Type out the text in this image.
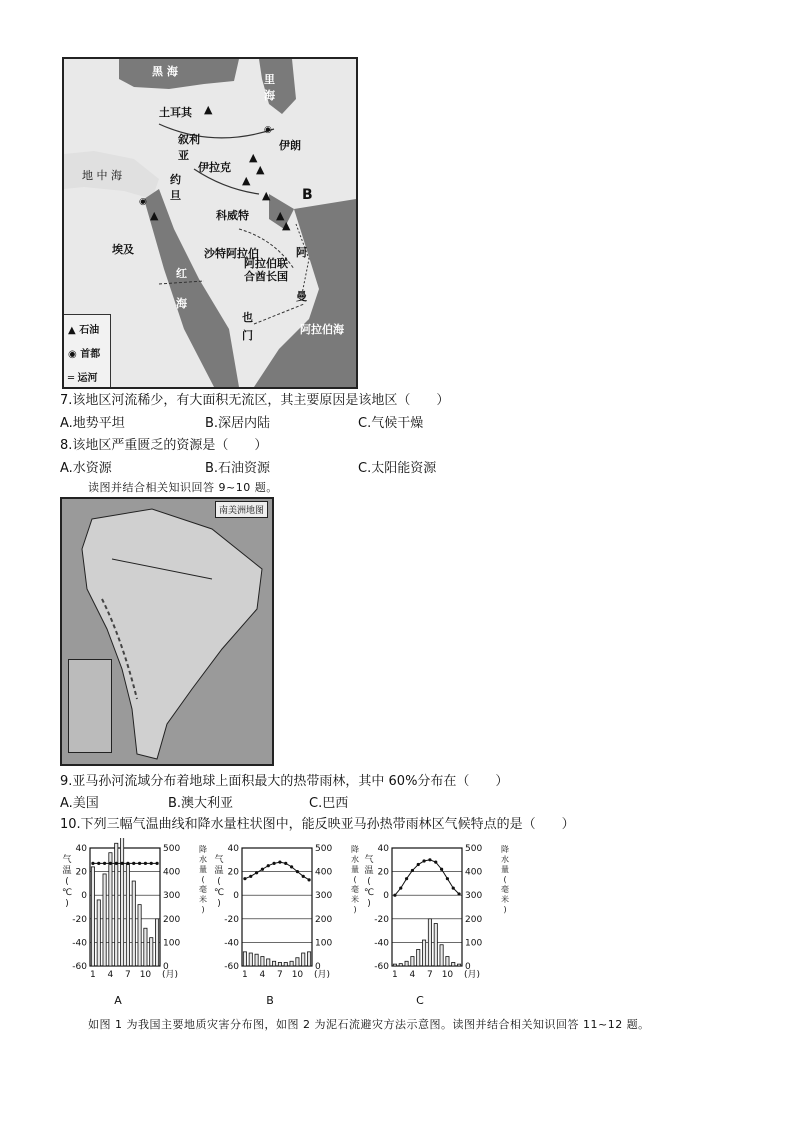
黑 海
里海
土耳其
伊朗
叙利亚
伊拉克
地 中 海	约旦
科威特
埃及	沙特阿拉伯
阿拉伯联合酋长国
红 海
阿曼
也 门	阿拉伯海
B
▲
▲
▲
▲
▲
▲
▲
▲
◉
◉
▲ 石油
◉ 首都
═ 运河
7.该地区河流稀少，有大面积无流区，其主要原因是该地区（　　）
A.地势平坦	B.深居内陆	C.气候干燥
8.该地区严重匮乏的资源是（　　）
A.水资源	B.石油资源	C.太阳能资源
读图并结合相关知识回答 9~10 题。
南美洲地图
9.亚马孙河流域分布着地球上面积最大的热带雨林，其中 60%分布在（　　）
A.美国	B.澳大利亚	C.巴西
10.下列三幅气温曲线和降水量柱状图中，能反映亚马孙热带雨林区气候特点的是（　　）
40
20
0
-20
-40
-60
500
400
300
200
100
0
气
温
(
℃
)
降
水
量
(
毫
米
)
1 4 7 10 (月)
A
40
20
0
-20
-40
-60
500
400
300
200
100
0
气
温
(
℃
)
降
水
量
(
毫
米
)
1 4 7 10 (月)
B
40
20
0
-20
-40
-60
500
400
300
200
100
0
气
温
(
℃
)
降
水
量
(
毫
米
)
1 4 7 10 (月)
C
如图 1 为我国主要地质灾害分布图，如图 2 为泥石流避灾方法示意图。读图并结合相关知识回答 11~12 题。
